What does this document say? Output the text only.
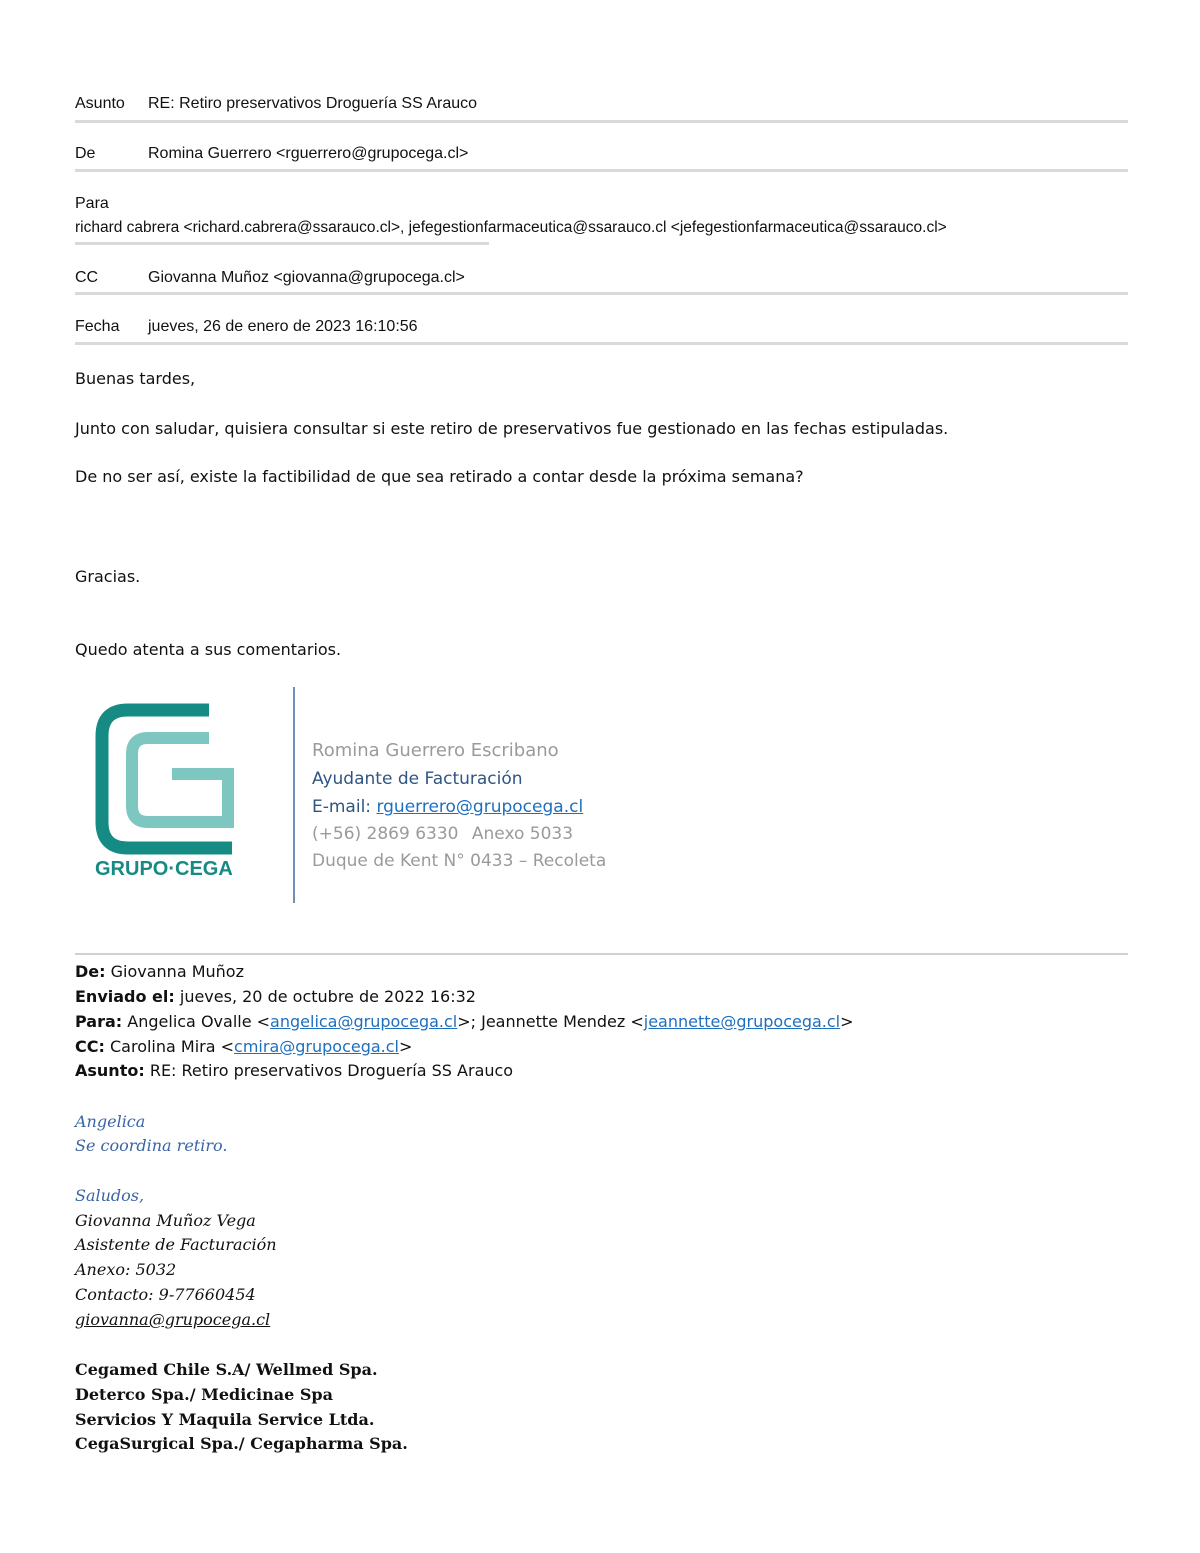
Asunto RE: Retiro preservativos Droguería SS Arauco
De	Romina Guerrero <rguerrero@grupocega.cl>
Para
richard cabrera <richard.cabrera@ssarauco.cl>, jefegestionfarmaceutica@ssarauco.cl <jefegestionfarmaceutica@ssarauco.cl>
CC	Giovanna Muñoz <giovanna@grupocega.cl>
Fecha jueves, 26 de enero de 2023 16:10:56
Buenas tardes,
Junto con saludar, quisiera consultar si este retiro de preservativos fue gestionado en las fechas estipuladas.
De no ser así, existe la factibilidad de que sea retirado a contar desde la próxima semana?
Gracias.
Quedo atenta a sus comentarios.
GRUPO·CEGA
Romina Guerrero Escribano
Ayudante de Facturación
E-mail: rguerrero@grupocega.cl
(+56) 2869 6330 Anexo 5033
Duque de Kent N° 0433 – Recoleta
De: Giovanna Muñoz
Enviado el: jueves, 20 de octubre de 2022 16:32
Para: Angelica Ovalle <angelica@grupocega.cl>; Jeannette Mendez <jeannette@grupocega.cl>
CC: Carolina Mira <cmira@grupocega.cl>
Asunto: RE: Retiro preservativos Droguería SS Arauco
Angelica
Se coordina retiro.
Saludos,
Giovanna Muñoz Vega
Asistente de Facturación
Anexo: 5032
Contacto: 9-77660454
giovanna@grupocega.cl
Cegamed Chile S.A/ Wellmed Spa.
Deterco Spa./ Medicinae Spa
Servicios Y Maquila Service Ltda.
CegaSurgical Spa./ Cegapharma Spa.
